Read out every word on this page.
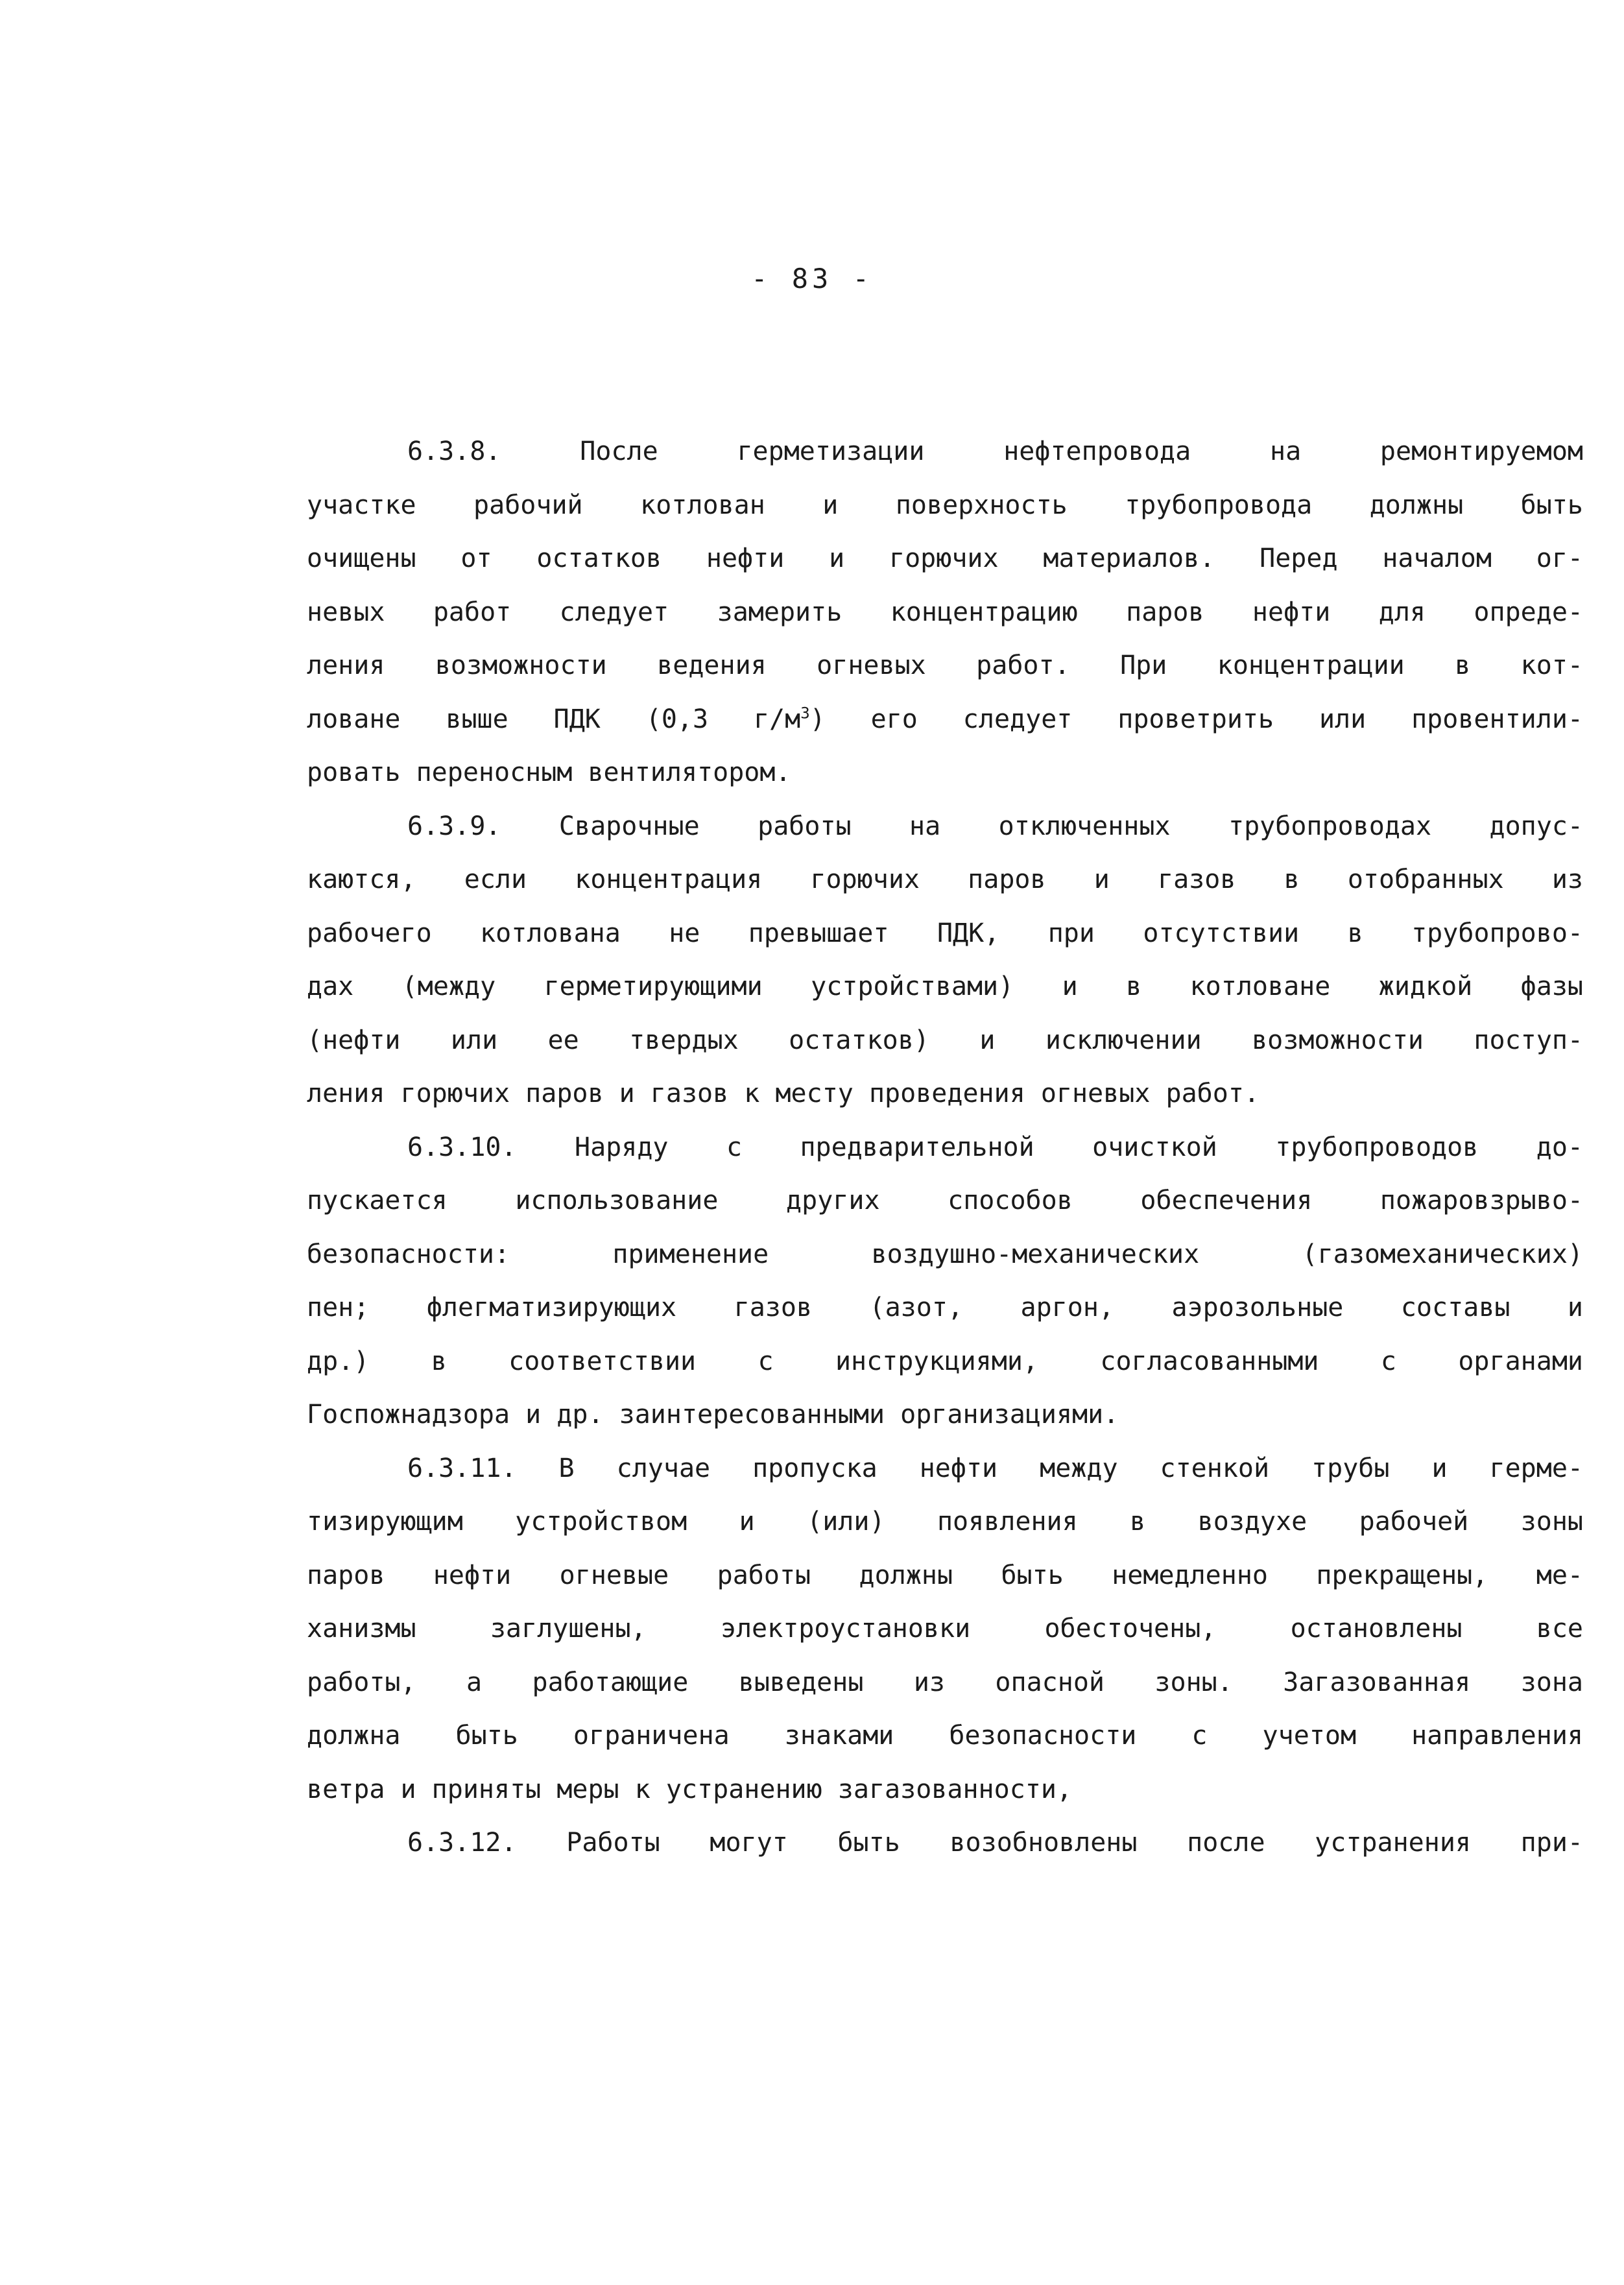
- 83 -
6.3.8. После герметизации нефтепровода на ремонтируемом
участке рабочий котлован и поверхность трубопровода должны быть
очищены от остатков нефти и горючих материалов. Перед началом ог-
невых работ следует замерить концентрацию паров нефти для опреде-
ления возможности ведения огневых работ. При концентрации в кот-
ловане выше ПДК (0,3 $г/м^3$) его следует проветрить или провентили-
ровать переносным вентилятором.
6.3.9. Сварочные работы на отключенных трубопроводах допус-
каются, если концентрация горючих паров и газов в отобранных из
рабочего котлована не превышает ПДК, при отсутствии в трубопрово-
дах (между герметирующими устройствами) и в котловане жидкой фазы
(нефти или ее твердых остатков) и исключении возможности поступ-
ления горючих паров и газов к месту проведения огневых работ.
6.3.10. Наряду с предварительной очисткой трубопроводов до-
пускается использование других способов обеспечения пожаровзрыво-
безопасности: применение воздушно-механических (газомеханических)
пен; флегматизирующих газов (азот, аргон, аэрозольные составы и
др.) в соответствии с инструкциями, согласованными с органами
Госпожнадзора и др. заинтересованными организациями.
6.3.11. В случае пропуска нефти между стенкой трубы и герме-
тизирующим устройством и (или) появления в воздухе рабочей зоны
паров нефти огневые работы должны быть немедленно прекращены, ме-
ханизмы заглушены, электроустановки обесточены, остановлены все
работы, а работающие выведены из опасной зоны. Загазованная зона
должна быть ограничена знаками безопасности с учетом направления
ветра и приняты меры к устранению загазованности,
6.3.12. Работы могут быть возобновлены после устранения при-
